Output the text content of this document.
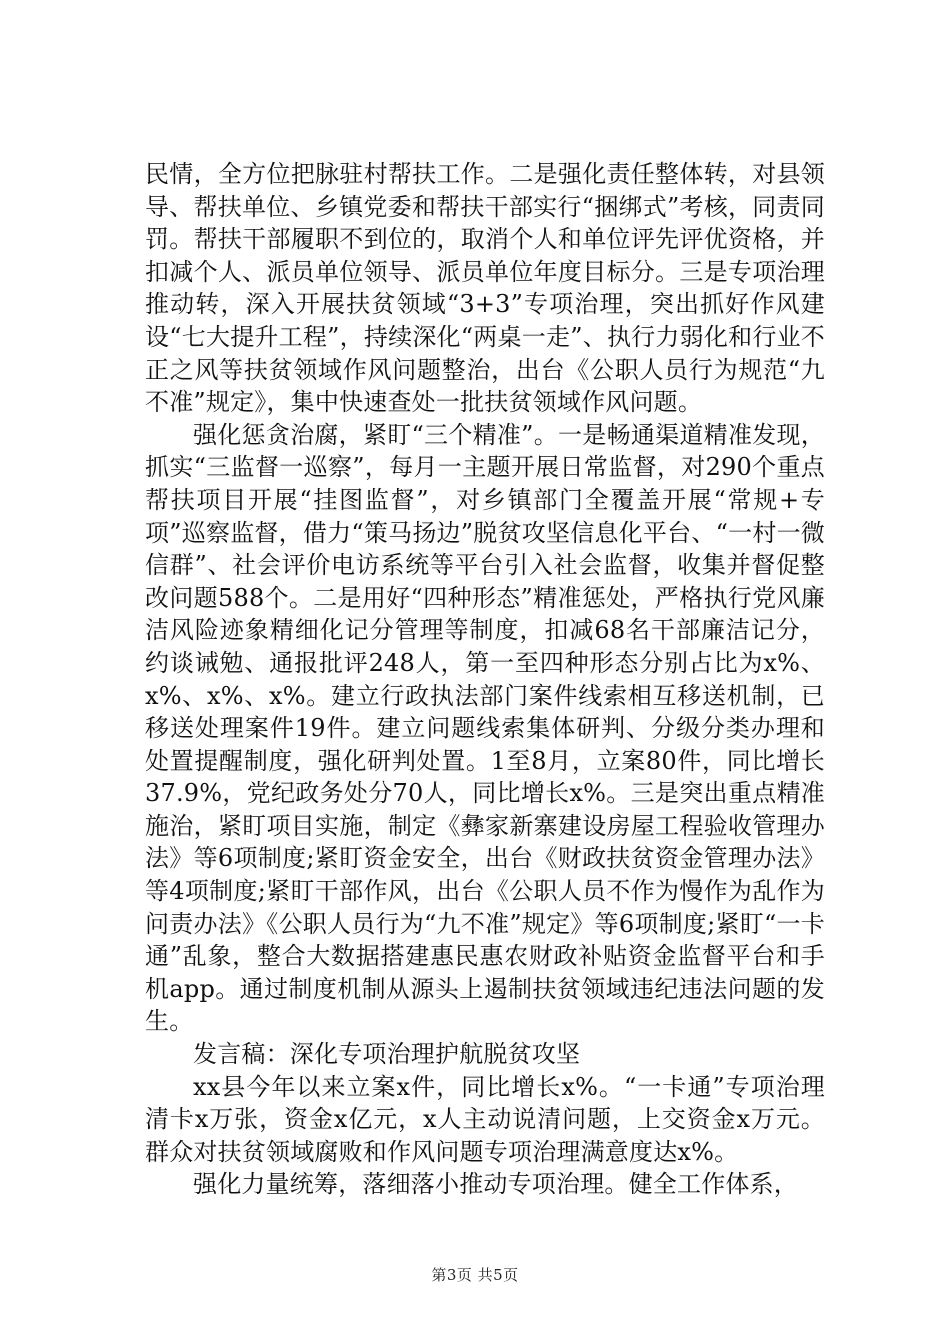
民情，全方位把脉驻村帮扶工作。二是强化责任整体转，对县领导、帮扶单位、乡镇党委和帮扶干部实行“捆绑式”考核，同责同罚。帮扶干部履职不到位的，取消个人和单位评先评优资格，并扣减个人、派员单位领导、派员单位年度目标分。三是专项治理推动转，深入开展扶贫领域“3+3”专项治理，突出抓好作风建设“七大提升工程”，持续深化“两桌一走”、执行力弱化和行业不正之风等扶贫领域作风问题整治，出台《公职人员行为规范“九不准”规定》，集中快速查处一批扶贫领域作风问题。

强化惩贪治腐，紧盯“三个精准”。一是畅通渠道精准发现，抓实“三监督一巡察”，每月一主题开展日常监督，对290个重点帮扶项目开展“挂图监督”，对乡镇部门全覆盖开展“常规+专项”巡察监督，借力“策马扬边”脱贫攻坚信息化平台、“一村一微信群”、社会评价电访系统等平台引入社会监督，收集并督促整改问题588个。二是用好“四种形态”精准惩处，严格执行党风廉洁风险迹象精细化记分管理等制度，扣减68名干部廉洁记分，约谈诫勉、通报批评248人，第一至四种形态分别占比为x%、x%、x%、x%。建立行政执法部门案件线索相互移送机制，已移送处理案件19件。建立问题线索集体研判、分级分类办理和处置提醒制度，强化研判处置。1至8月，立案80件，同比增长37.9%，党纪政务处分70人，同比增长x%。三是突出重点精准施治，紧盯项目实施，制定《彝家新寨建设房屋工程验收管理办法》等6项制度;紧盯资金安全，出台《财政扶贫资金管理办法》等4项制度;紧盯干部作风，出台《公职人员不作为慢作为乱作为问责办法》《公职人员行为“九不准”规定》等6项制度;紧盯“一卡通”乱象，整合大数据搭建惠民惠农财政补贴资金监督平台和手机app。通过制度机制从源头上遏制扶贫领域违纪违法问题的发生。

发言稿：深化专项治理护航脱贫攻坚

xx县今年以来立案x件，同比增长x%。“一卡通”专项治理清卡x万张，资金x亿元，x人主动说清问题，上交资金x万元。群众对扶贫领域腐败和作风问题专项治理满意度达x%。

强化力量统筹，落细落小推动专项治理。健全工作体系，

第3页 共5页
